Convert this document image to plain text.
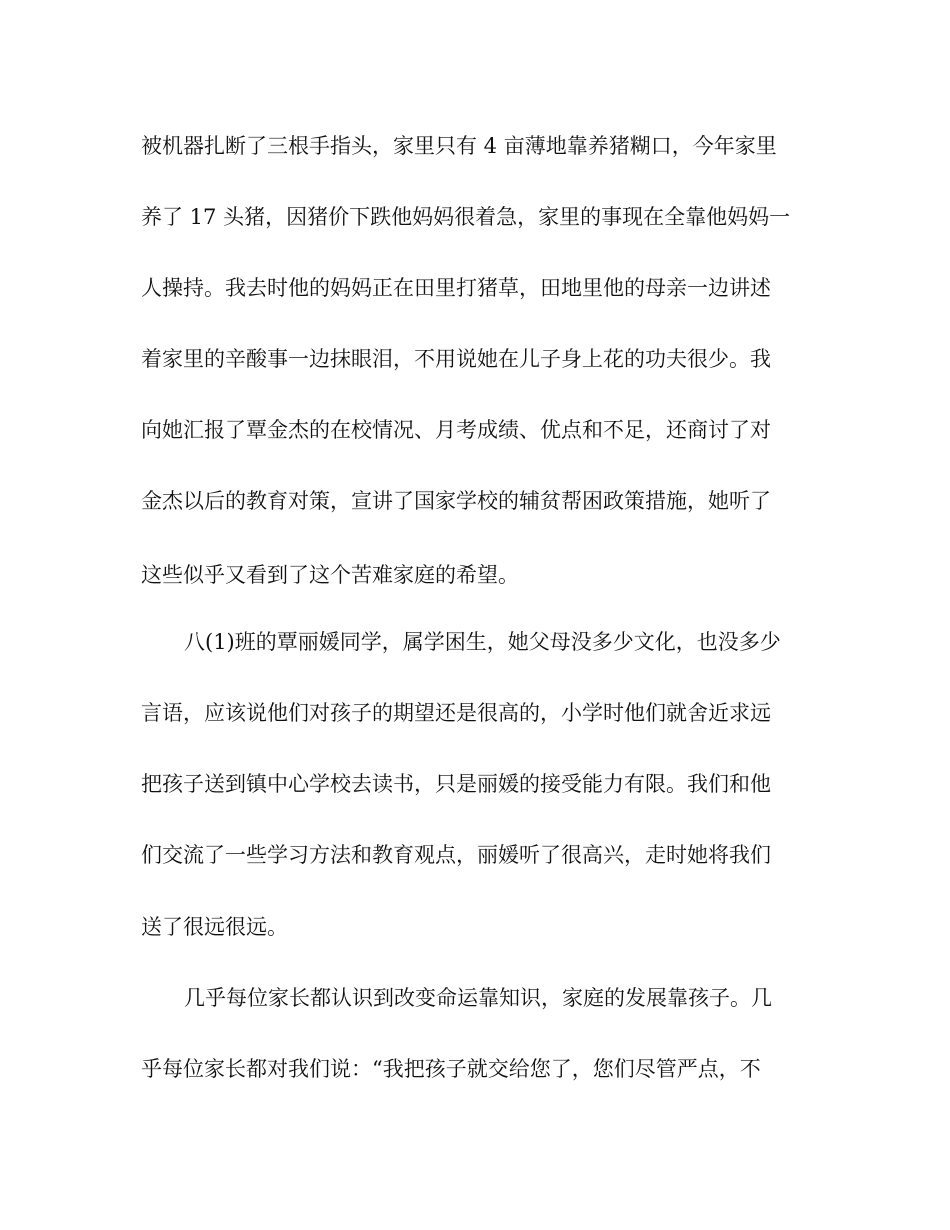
被机器扎断了三根手指头，家里只有 4 亩薄地靠养猪糊口，今年家里
养了 17 头猪，因猪价下跌他妈妈很着急，家里的事现在全靠他妈妈一
人操持。我去时他的妈妈正在田里打猪草，田地里他的母亲一边讲述
着家里的辛酸事一边抹眼泪，不用说她在儿子身上花的功夫很少。我
向她汇报了覃金杰的在校情况、月考成绩、优点和不足，还商讨了对
金杰以后的教育对策，宣讲了国家学校的辅贫帮困政策措施，她听了
这些似乎又看到了这个苦难家庭的希望。
八(1)班的覃丽媛同学，属学困生，她父母没多少文化，也没多少
言语，应该说他们对孩子的期望还是很高的，小学时他们就舍近求远
把孩子送到镇中心学校去读书，只是丽媛的接受能力有限。我们和他
们交流了一些学习方法和教育观点，丽媛听了很高兴，走时她将我们
送了很远很远。
几乎每位家长都认识到改变命运靠知识，家庭的发展靠孩子。几
乎每位家长都对我们说：“我把孩子就交给您了，您们尽管严点，不
